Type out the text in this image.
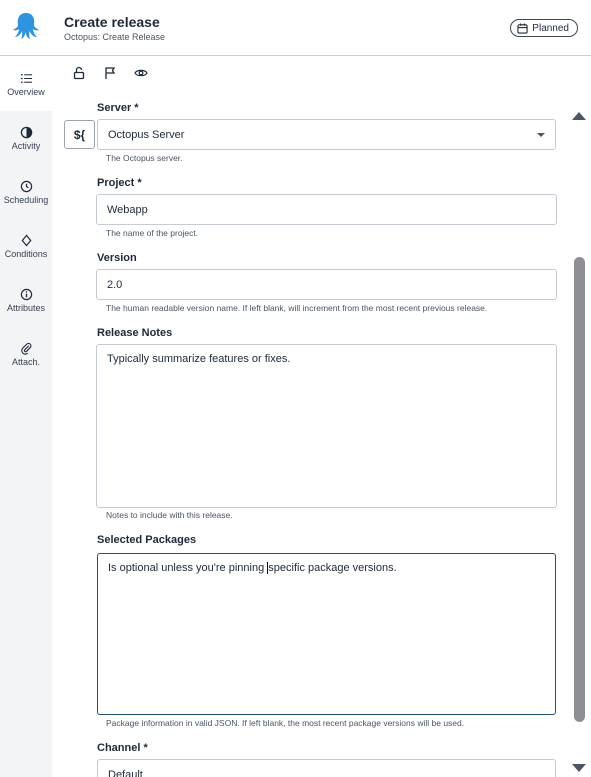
Create release
Octopus: Create Release
Planned
Overview
Activity
Scheduling
Conditions
Attributes
Attach.
Server *
${	Octopus Server
The Octopus server.
Project *
Webapp
The name of the project.
Version
2.0
The human readable version name. If left blank, will increment from the most recent previous release.
Release Notes
Typically summarize features or fixes.
Notes to include with this release.
Selected Packages
Is optional unless you're pinning specific package versions.
Package information in valid JSON. If left blank, the most recent package versions will be used.
Channel *
Default
